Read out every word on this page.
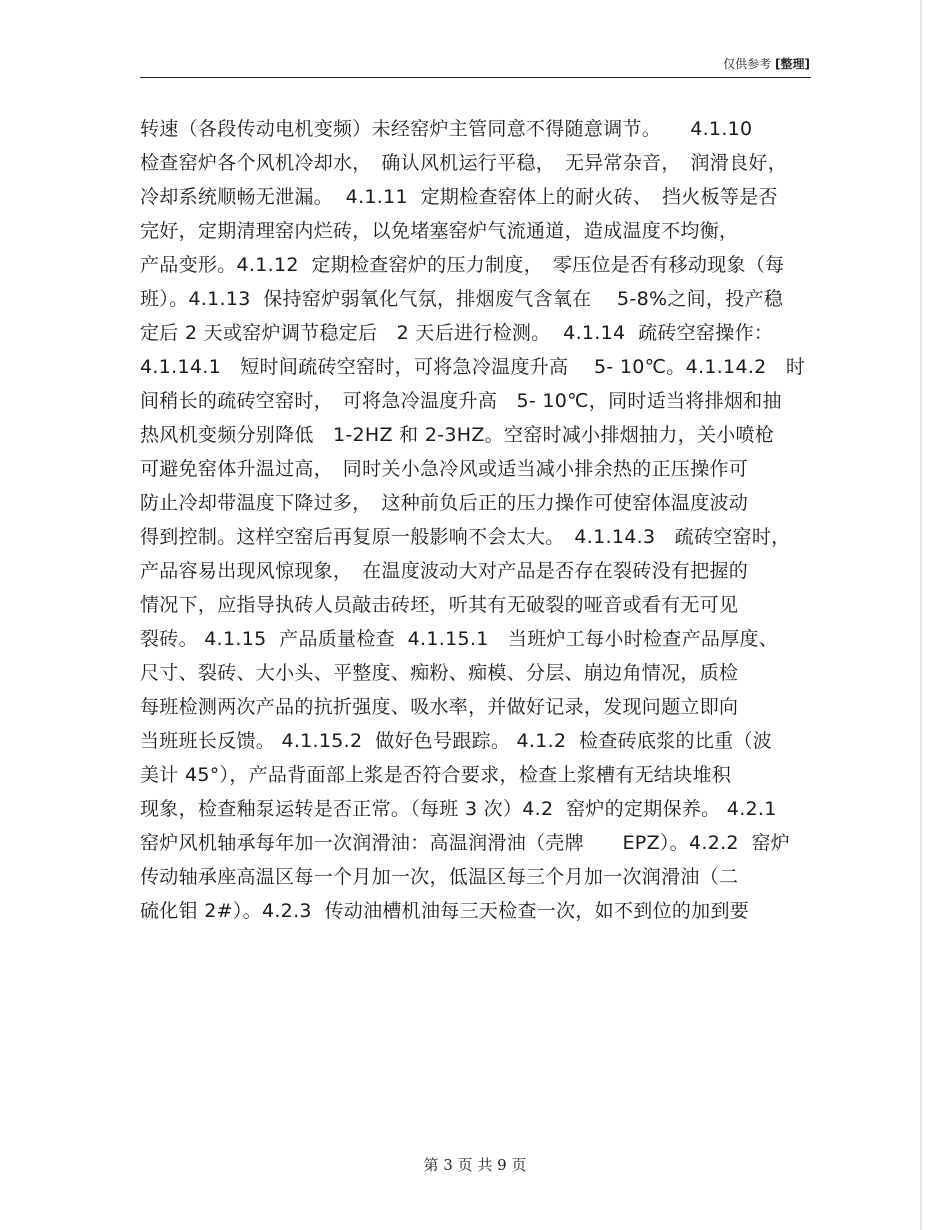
仅供参考 [整理]
转速（各段传动电机变频）未经窑炉主管同意不得随意调节。　　4.1.10
检查窑炉各个风机冷却水，　确认风机运行平稳，　无异常杂音，　润滑良好，
冷却系统顺畅无泄漏。  4.1.11  定期检查窑体上的耐火砖、　挡火板等是否
完好，定期清理窑内烂砖，以免堵塞窑炉气流通道，造成温度不均衡，
产品变形。4.1.12  定期检查窑炉的压力制度，　零压位是否有移动现象（每
班）。4.1.13  保持窑炉弱氧化气氛，排烟废气含氧在　 5-8%之间，投产稳
定后 2 天或窑炉调节稳定后　2 天后进行检测。  4.1.14  疏砖空窑操作：
4.1.14.1　短时间疏砖空窑时，可将急冷温度升高　 5- 10℃。4.1.14.2　时
间稍长的疏砖空窑时，　可将急冷温度升高　5- 10℃，同时适当将排烟和抽
热风机变频分别降低　1-2HZ 和 2-3HZ。空窑时减小排烟抽力，关小喷枪
可避免窑体升温过高，　同时关小急冷风或适当减小排余热的正压操作可
防止冷却带温度下降过多，　这种前负后正的压力操作可使窑体温度波动
得到控制。这样空窑后再复原一般影响不会太大。　4.1.14.3　疏砖空窑时，
产品容易出现风惊现象，　在温度波动大对产品是否存在裂砖没有把握的
情况下，应指导执砖人员敲击砖坯，听其有无破裂的哑音或看有无可见
裂砖。 4.1.15  产品质量检查  4.1.15.1　当班炉工每小时检查产品厚度、
尺寸、裂砖、大小头、平整度、痴粉、痴模、分层、崩边角情况，质检
每班检测两次产品的抗折强度、吸水率，并做好记录，发现问题立即向
当班班长反馈。 4.1.15.2  做好色号跟踪。 4.1.2  检查砖底浆的比重（波
美计 45°），产品背面部上浆是否符合要求，检查上浆槽有无结块堆积
现象，检查釉泵运转是否正常。（每班 3 次）4.2  窑炉的定期保养。 4.2.1
窑炉风机轴承每年加一次润滑油：高温润滑油（壳牌　　EPZ）。4.2.2  窑炉
传动轴承座高温区每一个月加一次，低温区每三个月加一次润滑油（二
硫化钼 2#）。4.2.3  传动油槽机油每三天检查一次，如不到位的加到要
第 3 页 共 9 页
